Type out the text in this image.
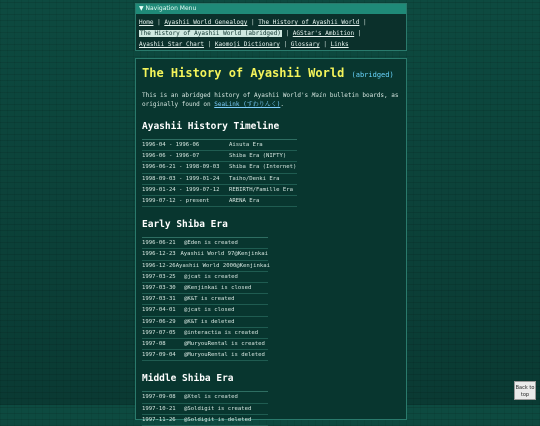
▼ Navigation Menu
Home | Ayashii World Genealogy | The History of Ayashii World |
The History of Ayashii World (abridged) | AGStar's Ambition |
Ayashii Star Chart | Kaomoji Dictionary | Glossary | Links
The History of Ayashii World (abridged)

This is an abridged history of Ayashii World's Main bulletin boards, as originally found on SeaLink (すわりんく).

Ayashii History Timeline
1996-04 - 1996-06	Aisuta Era
1996-06 - 1996-07	Shiba Era (NIFTY)
1996-06-21 - 1998-09-03	Shiba Era (Internet)
1998-09-03 - 1999-01-24	Taiho/Denki Era
1999-01-24 - 1999-07-12	REBIRTH/Famille Era
1999-07-12 - present	ARENA Era
Early Shiba Era
1996-06-21	@Eden is created
1996-12-23 Ayashii World 97@Kenjinkai
1996-12-26 Ayashii World 2000@Kenjinkai
1997-03-25	@jcat is created
1997-03-30	@Kenjinkai is closed
1997-03-31	@K&T is created
1997-04-01	@jcat is closed
1997-06-29	@K&T is deleted
1997-07-05	@interactia is created
1997-08	@MuryouRental is created
1997-09-04	@MuryouRental is deleted
Middle Shiba Era
1997-09-08	@Xtel is created
1997-10-21	@Soldigit is created
1997-11-26	@Soldigit is deleted
Back to top
